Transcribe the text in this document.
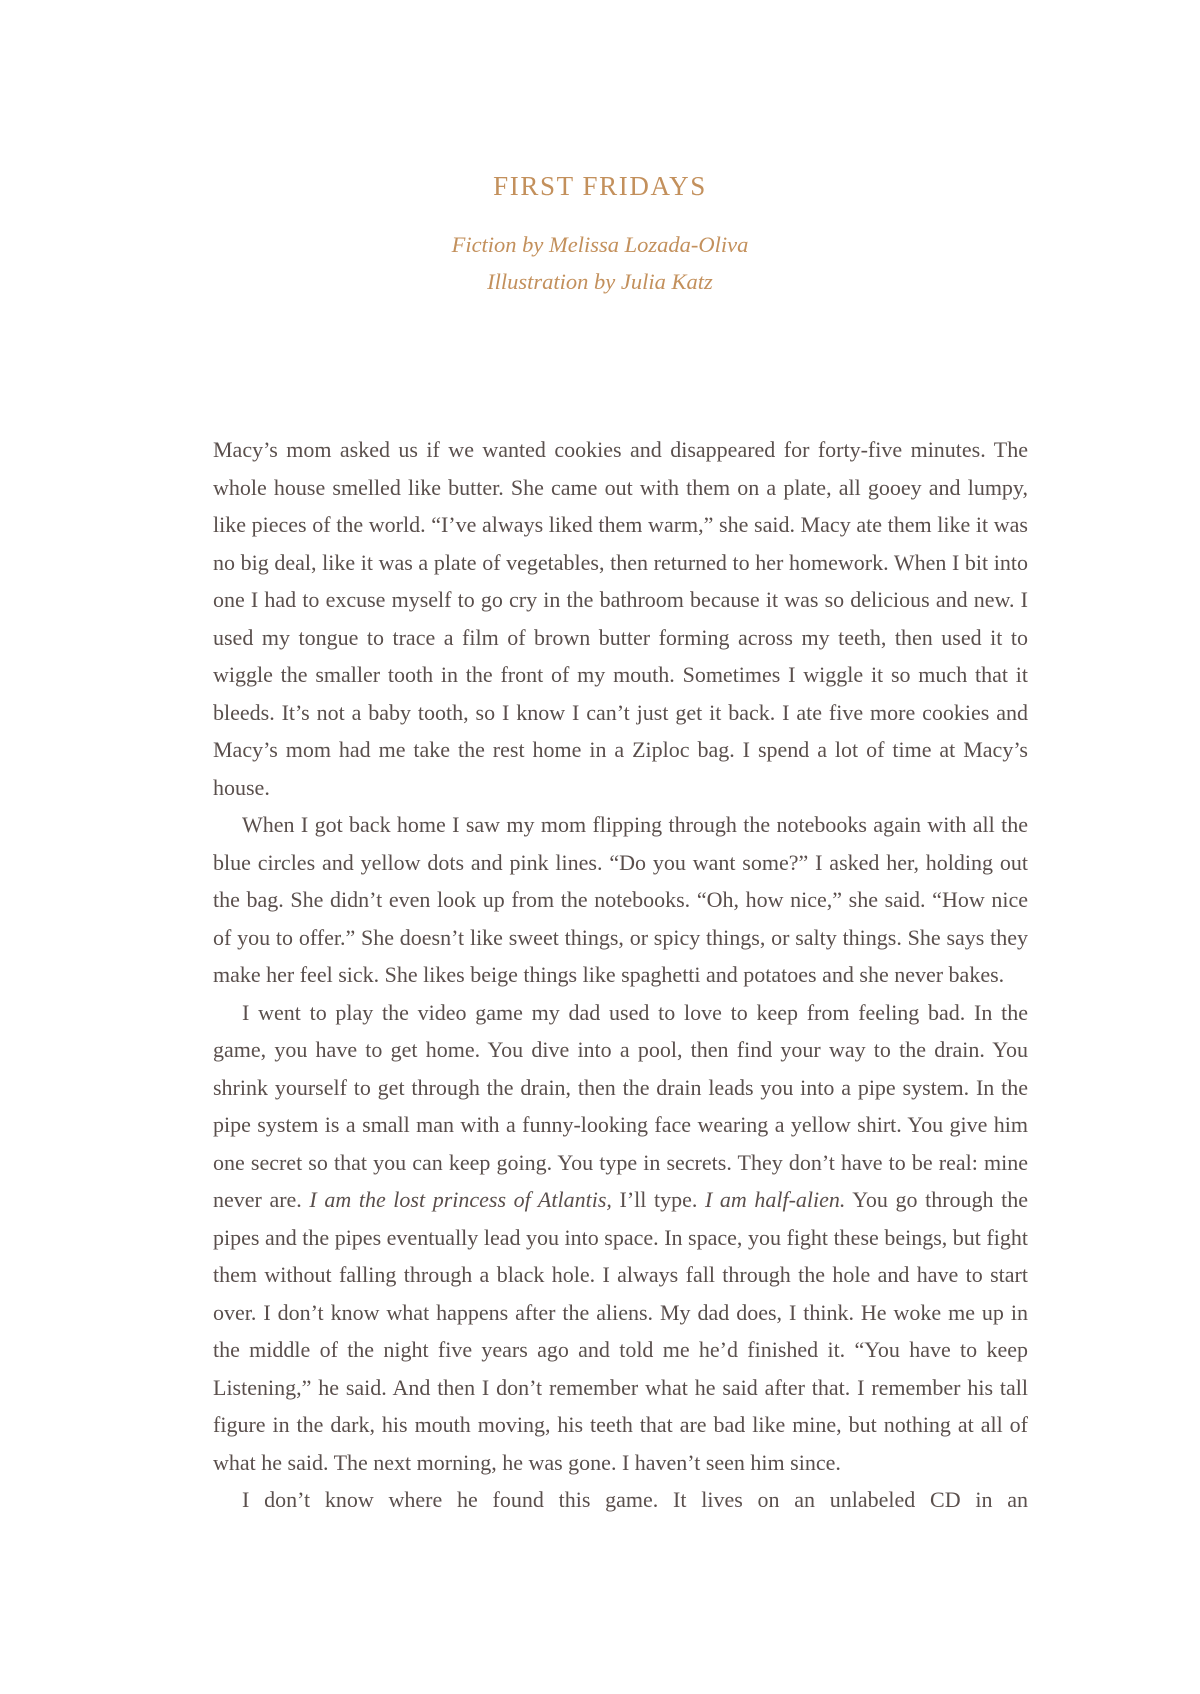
FIRST FRIDAYS
Fiction by Melissa Lozada-Oliva
Illustration by Julia Katz

Macy’s mom asked us if we wanted cookies and disappeared for forty-five minutes. The whole house smelled like butter. She came out with them on a plate, all gooey and lumpy, like pieces of the world. “I’ve always liked them warm,” she said. Macy ate them like it was no big deal, like it was a plate of vegetables, then returned to her homework. When I bit into one I had to excuse myself to go cry in the bathroom because it was so delicious and new. I used my tongue to trace a film of brown butter forming across my teeth, then used it to wiggle the smaller tooth in the front of my mouth. Sometimes I wiggle it so much that it bleeds. It’s not a baby tooth, so I know I can’t just get it back. I ate five more cookies and Macy’s mom had me take the rest home in a Ziploc bag. I spend a lot of time at Macy’s house.

When I got back home I saw my mom flipping through the notebooks again with all the blue circles and yellow dots and pink lines. “Do you want some?” I asked her, holding out the bag. She didn’t even look up from the notebooks. “Oh, how nice,” she said. “How nice of you to offer.” She doesn’t like sweet things, or spicy things, or salty things. She says they make her feel sick. She likes beige things like spaghetti and potatoes and she never bakes.

I went to play the video game my dad used to love to keep from feeling bad. In the game, you have to get home. You dive into a pool, then find your way to the drain. You shrink yourself to get through the drain, then the drain leads you into a pipe system. In the pipe system is a small man with a funny-looking face wearing a yellow shirt. You give him one secret so that you can keep going. You type in secrets. They don’t have to be real: mine never are. I am the lost princess of Atlantis, I’ll type. I am half-alien. You go through the pipes and the pipes eventually lead you into space. In space, you fight these beings, but fight them without falling through a black hole. I always fall through the hole and have to start over. I don’t know what happens after the aliens. My dad does, I think. He woke me up in the middle of the night five years ago and told me he’d finished it. “You have to keep Listening,” he said. And then I don’t remember what he said after that. I remember his tall figure in the dark, his mouth moving, his teeth that are bad like mine, but nothing at all of what he said. The next morning, he was gone. I haven’t seen him since.

I don’t know where he found this game. It lives on an unlabeled CD in an
